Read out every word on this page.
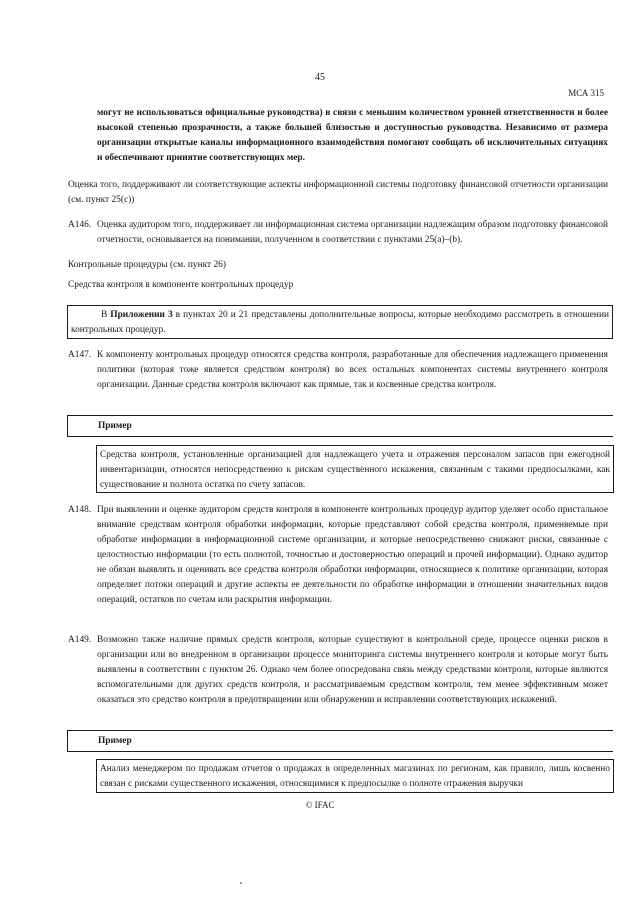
45
МСА 315
могут не использоваться официальные руководства) в связи с меньшим количеством уровней ответственности и более высокой степенью прозрачности, а также большей близостью и доступностью руководства. Независимо от размера организации открытые каналы информационного взаимодействия помогают сообщать об исключительных ситуациях и обеспечивают принятие соответствующих мер.
Оценка того, поддерживают ли соответствующие аспекты информационной системы подготовку финансовой отчетности организации (см. пункт 25(c))
A146. Оценка аудитором того, поддерживает ли информационная система организации надлежащим образом подготовку финансовой отчетности, основывается на понимании, полученном в соответствии с пунктами 25(a)–(b).
Контрольные процедуры (см. пункт 26)
Средства контроля в компоненте контрольных процедур
В Приложении 3 в пунктах 20 и 21 представлены дополнительные вопросы, которые необходимо рассмотреть в отношении контрольных процедур.
A147. К компоненту контрольных процедур относятся средства контроля, разработанные для обеспечения надлежащего применения политики (которая тоже является средством контроля) во всех остальных компонентах системы внутреннего контроля организации. Данные средства контроля включают как прямые, так и косвенные средства контроля.
Пример
Средства контроля, установленные организацией для надлежащего учета и отражения персоналом запасов при ежегодной инвентаризации, относятся непосредственно к рискам существенного искажения, связанным с такими предпосылками, как существование и полнота остатка по счету запасов.
A148. При выявлении и оценке аудитором средств контроля в компоненте контрольных процедур аудитор уделяет особо пристальное внимание средствам контроля обработки информации, которые представляют собой средства контроля, применяемые при обработке информации в информационной системе организации, и которые непосредственно снижают риски, связанные с целостностью информации (то есть полнотой, точностью и достоверностью операций и прочей информации). Однако аудитор не обязан выявлять и оценивать все средства контроля обработки информации, относящиеся к политике организации, которая определяет потоки операций и другие аспекты ее деятельности по обработке информации в отношении значительных видов операций, остатков по счетам или раскрытия информации.
A149. Возможно также наличие прямых средств контроля, которые существуют в контрольной среде, процессе оценки рисков в организации или во внедренном в организации процессе мониторинга системы внутреннего контроля и которые могут быть выявлены в соответствии с пунктом 26. Однако чем более опосредована связь между средствами контроля, которые являются вспомогательными для других средств контроля, и рассматриваемым средством контроля, тем менее эффективным может оказаться это средство контроля в предотвращении или обнаружении и исправлении соответствующих искажений.
Пример
Анализ менеджером по продажам отчетов о продажах в определенных магазинах по регионам, как правило, лишь косвенно связан с рисками существенного искажения, относящимися к предпосылке о полноте отражения выручки
© IFAC
